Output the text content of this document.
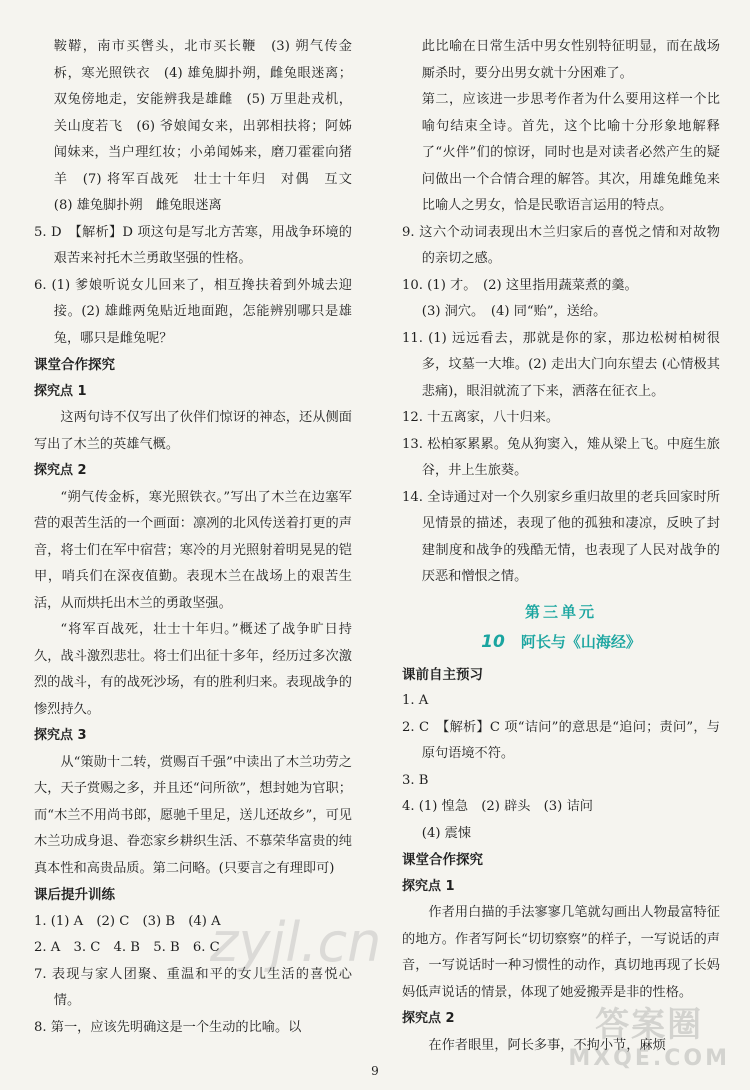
鞍鞯，南市买辔头，北市买长鞭　(3) 朔气传金柝，寒光照铁衣　(4) 雄兔脚扑朔，雌兔眼迷离；双兔傍地走，安能辨我是雄雌　(5) 万里赴戎机，关山度若飞　(6) 爷娘闻女来，出郭相扶将；阿姊闻妹来，当户理红妆；小弟闻姊来，磨刀霍霍向猪羊　(7) 将军百战死　壮士十年归　对偶　互文　(8) 雄兔脚扑朔　雌兔眼迷离

5. D　【解析】D 项这句是写北方苦寒，用战争环境的艰苦来衬托木兰勇敢坚强的性格。

6. (1) 爹娘听说女儿回来了，相互搀扶着到外城去迎接。(2) 雄雌两兔贴近地面跑，怎能辨别哪只是雄兔，哪只是雌兔呢？

课堂合作探究

探究点 1

这两句诗不仅写出了伙伴们惊讶的神态，还从侧面写出了木兰的英雄气概。

探究点 2

“朔气传金柝，寒光照铁衣。”写出了木兰在边塞军营的艰苦生活的一个画面：凛冽的北风传送着打更的声音，将士们在军中宿营；寒冷的月光照射着明晃晃的铠甲，哨兵们在深夜值勤。表现木兰在战场上的艰苦生活，从而烘托出木兰的勇敢坚强。

“将军百战死，壮士十年归。”概述了战争旷日持久，战斗激烈悲壮。将士们出征十多年，经历过多次激烈的战斗，有的战死沙场，有的胜利归来。表现战争的惨烈持久。

探究点 3

从“策勋十二转，赏赐百千强”中读出了木兰功劳之大，天子赏赐之多，并且还“问所欲”，想封她为官职；而“木兰不用尚书郎，愿驰千里足，送儿还故乡”，可见木兰功成身退、眷恋家乡耕织生活、不慕荣华富贵的纯真本性和高贵品质。第二问略。(只要言之有理即可)

课后提升训练

1. (1) A　(2) C　(3) B　(4) A

2. A　3. C　4. B　5. B　6. C

7. 表现与家人团聚、重温和平的女儿生活的喜悦心情。

8. 第一，应该先明确这是一个生动的比喻。以

此比喻在日常生活中男女性别特征明显，而在战场厮杀时，要分出男女就十分困难了。

第二，应该进一步思考作者为什么要用这样一个比喻句结束全诗。首先，这个比喻十分形象地解释了“火伴”们的惊讶，同时也是对读者必然产生的疑问做出一个合情合理的解答。其次，用雄兔雌兔来比喻人之男女，恰是民歌语言运用的特点。

9. 这六个动词表现出木兰归家后的喜悦之情和对故物的亲切之感。

10. (1) 才。　(2) 这里指用蔬菜煮的羹。

(3) 洞穴。　(4) 同“贻”，送给。

11. (1) 远远看去，那就是你的家，那边松树柏树很多，坟墓一大堆。(2) 走出大门向东望去 (心情极其悲痛)，眼泪就流了下来，洒落在征衣上。

12. 十五离家，八十归来。

13. 松柏冢累累。兔从狗窦入，雉从梁上飞。中庭生旅谷，井上生旅葵。

14. 全诗通过对一个久别家乡重归故里的老兵回家时所见情景的描述，表现了他的孤独和凄凉，反映了封建制度和战争的残酷无情，也表现了人民对战争的厌恶和憎恨之情。

第三单元
10 阿长与《山海经》

课前自主预习

1. A

2. C　【解析】C 项“诘问”的意思是“追问；责问”，与原句语境不符。

3. B

4. (1) 惶急　(2) 辟头　(3) 诘问

(4) 震悚

课堂合作探究

探究点 1

作者用白描的手法寥寥几笔就勾画出人物最富特征的地方。作者写阿长“切切察察”的样子，一写说话的声音，一写说话时一种习惯性的动作，真切地再现了长妈妈低声说话的情景，体现了她爱搬弄是非的性格。

探究点 2

在作者眼里，阿长多事，不拘小节，麻烦

9
zyjl.cn
答案圈
MXQE.COM
